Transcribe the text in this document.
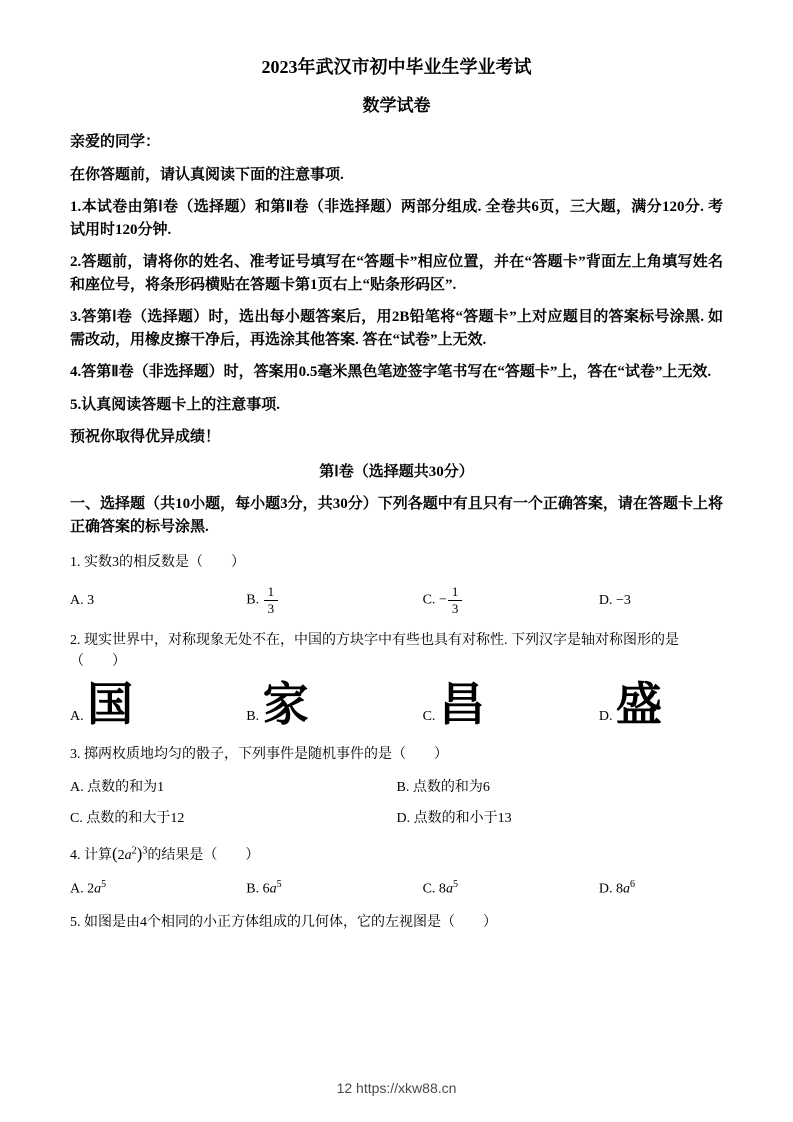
2023年武汉市初中毕业生学业考试
数学试卷

亲爱的同学：

在你答题前，请认真阅读下面的注意事项.

1.本试卷由第Ⅰ卷（选择题）和第Ⅱ卷（非选择题）两部分组成. 全卷共6页，三大题，满分120分. 考试用时120分钟.

2.答题前，请将你的姓名、准考证号填写在“答题卡”相应位置，并在“答题卡”背面左上角填写姓名和座位号，将条形码横贴在答题卡第1页右上“贴条形码区”.

3.答第Ⅰ卷（选择题）时，选出每小题答案后，用2B铅笔将“答题卡”上对应题目的答案标号涂黑. 如需改动，用橡皮擦干净后，再选涂其他答案. 答在“试卷”上无效.

4.答第Ⅱ卷（非选择题）时，答案用0.5毫米黑色笔迹签字笔书写在“答题卡”上，答在“试卷”上无效.

5.认真阅读答题卡上的注意事项.

预祝你取得优异成绩！

第Ⅰ卷（选择题共30分）

一、选择题（共10小题，每小题3分，共30分）下列各题中有且只有一个正确答案，请在答题卡上将正确答案的标号涂黑.

1. 实数3的相反数是（　　）

A. 3	B. $\frac{1}{3}$	C. − $\frac{1}{3}$	D. −3

2. 现实世界中，对称现象无处不在，中国的方块字中有些也具有对称性. 下列汉字是轴对称图形的是（　　）

A. 国	B. 家	C. 昌	D. 盛

3. 掷两枚质地均匀的骰子，下列事件是随机事件的是（　　）

A. 点数的和为1	B. 点数的和为6
C. 点数的和大于12	D. 点数的和小于13

4. 计算$(2a^2)^3$的结果是（　　）

A. $2a^5$	B. $6a^5$	C. $8a^5$	D. $8a^6$

5. 如图是由4个相同的小正方体组成的几何体，它的左视图是（　　）

12 https://xkw88.cn
